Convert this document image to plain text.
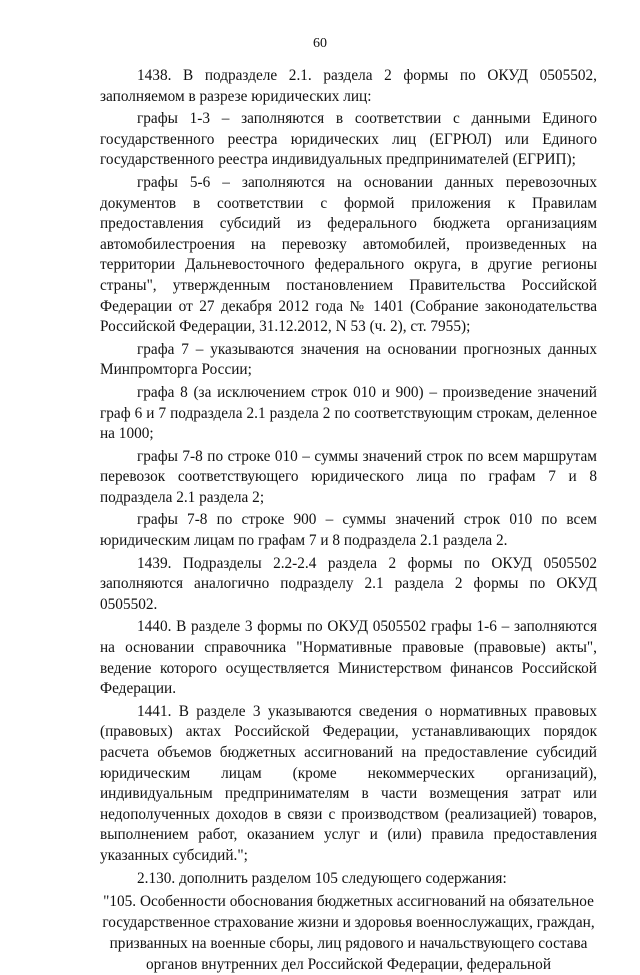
60

1438. В подразделе 2.1. раздела 2 формы по ОКУД 0505502, заполняемом в разрезе юридических лиц:

графы 1-3 – заполняются в соответствии с данными Единого государственного реестра юридических лиц (ЕГРЮЛ) или Единого государственного реестра индивидуальных предпринимателей (ЕГРИП);

графы 5-6 – заполняются на основании данных перевозочных документов в соответствии с формой приложения к Правилам предоставления субсидий из федерального бюджета организациям автомобилестроения на перевозку автомобилей, произведенных на территории Дальневосточного федерального округа, в другие регионы страны", утвержденным постановлением Правительства Российской Федерации от 27 декабря 2012 года № 1401 (Собрание законодательства Российской Федерации, 31.12.2012, N 53 (ч. 2), ст. 7955);

графа 7 – указываются значения на основании прогнозных данных Минпромторга России;

графа 8 (за исключением строк 010 и 900) – произведение значений граф 6 и 7 подраздела 2.1 раздела 2 по соответствующим строкам, деленное на 1000;

графы 7-8 по строке 010 – суммы значений строк по всем маршрутам перевозок соответствующего юридического лица по графам 7 и 8 подраздела 2.1 раздела 2;

графы 7-8 по строке 900 – суммы значений строк 010 по всем юридическим лицам по графам 7 и 8 подраздела 2.1 раздела 2.

1439. Подразделы 2.2-2.4 раздела 2 формы по ОКУД 0505502 заполняются аналогично подразделу 2.1 раздела 2 формы по ОКУД 0505502.

1440. В разделе 3 формы по ОКУД 0505502 графы 1-6 – заполняются на основании справочника "Нормативные правовые (правовые) акты", ведение которого осуществляется Министерством финансов Российской Федерации.

1441. В разделе 3 указываются сведения о нормативных правовых (правовых) актах Российской Федерации, устанавливающих порядок расчета объемов бюджетных ассигнований на предоставление субсидий юридическим лицам (кроме некоммерческих организаций), индивидуальным предпринимателям в части возмещения затрат или недополученных доходов в связи с производством (реализацией) товаров, выполнением работ, оказанием услуг и (или) правила предоставления указанных субсидий.";

2.130. дополнить разделом 105 следующего содержания:

"105. Особенности обоснования бюджетных ассигнований на обязательное

государственное страхование жизни и здоровья военнослужащих, граждан,

призванных на военные сборы, лиц рядового и начальствующего состава

органов внутренних дел Российской Федерации, федеральной
